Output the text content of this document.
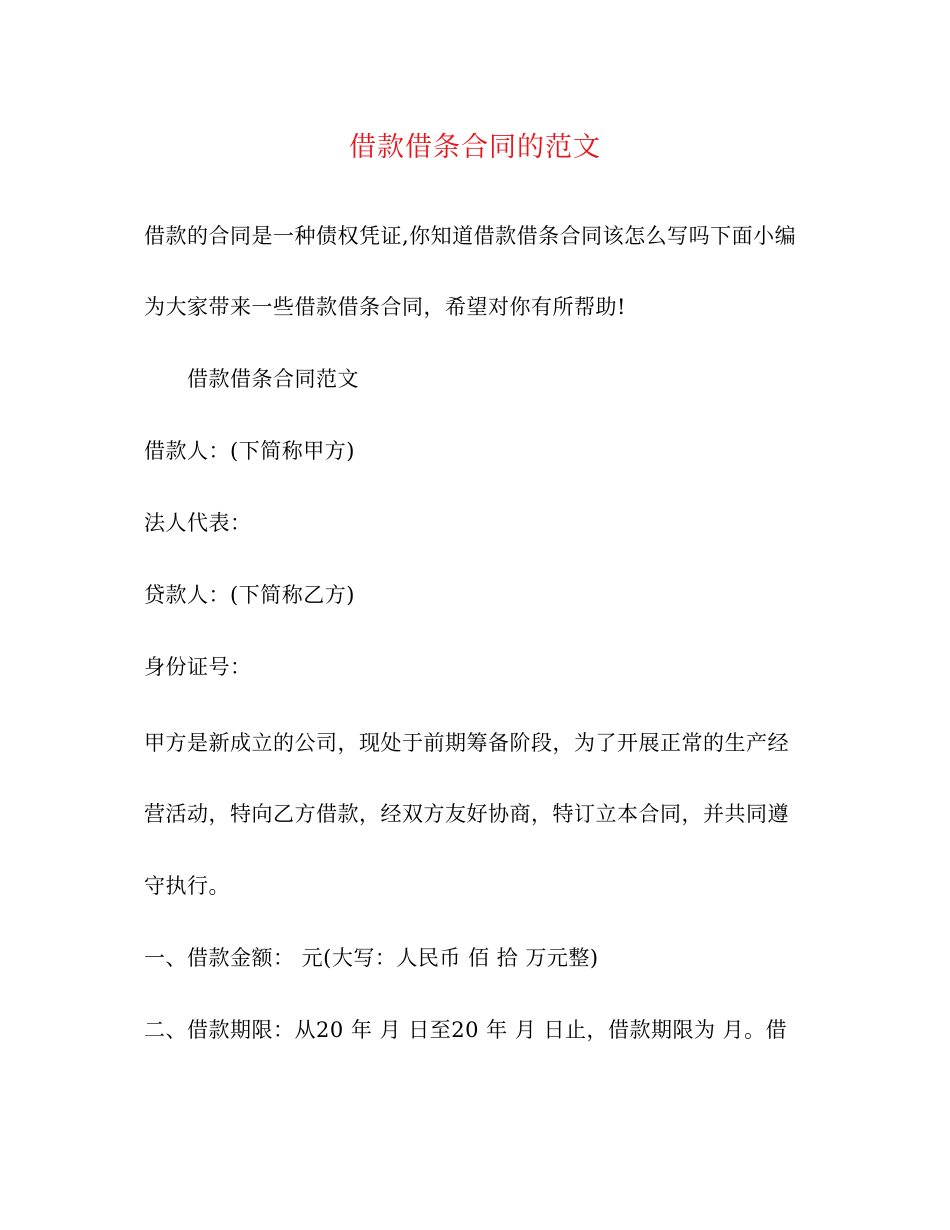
借款借条合同的范文
借款的合同是一种债权凭证,你知道借款借条合同该怎么写吗下面小编
为大家带来一些借款借条合同，希望对你有所帮助!
借款借条合同范文
借款人：(下简称甲方)
法人代表：
贷款人：(下简称乙方)
身份证号：
甲方是新成立的公司，现处于前期筹备阶段，为了开展正常的生产经
营活动，特向乙方借款，经双方友好协商，特订立本合同，并共同遵
守执行。
一、借款金额： 元(大写：人民币 佰 拾 万元整)
二、借款期限：从20 年 月 日至20 年 月 日止，借款期限为 月。借
